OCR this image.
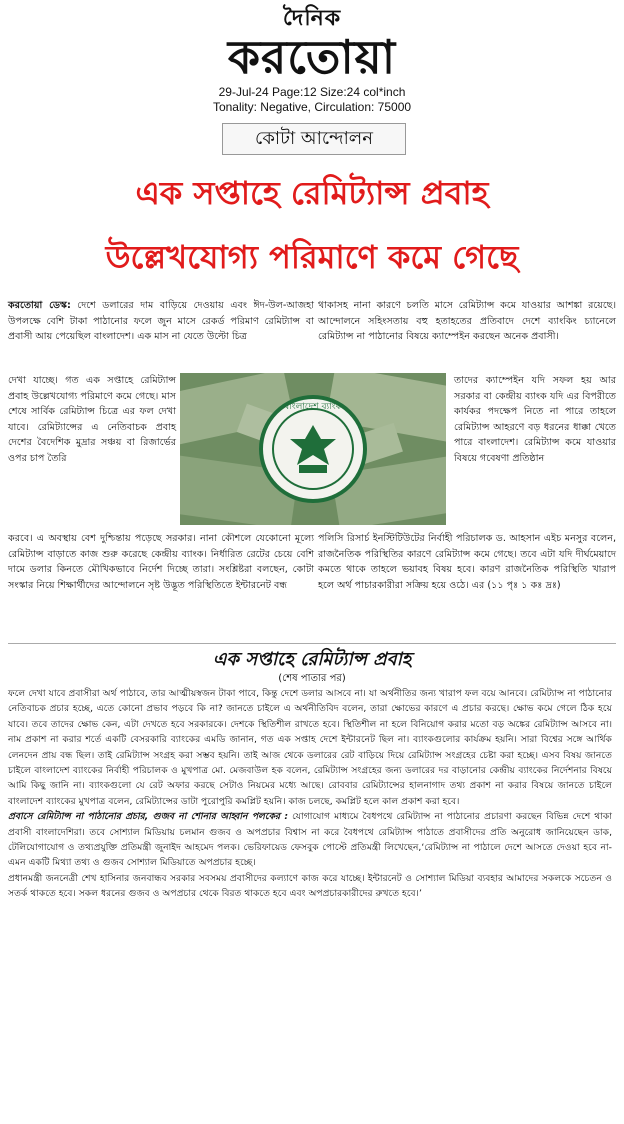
দৈনিক
করতোয়া
29-Jul-24 Page:12 Size:24 col*inch
Tonality: Negative, Circulation: 75000
কোটা আন্দোলন
এক সপ্তাহে রেমিট্যান্স প্রবাহ
উল্লেখযোগ্য পরিমাণে কমে গেছে
করতোয়া ডেস্ক: দেশে ডলারের দাম বাড়িয়ে দেওয়ায় এবং ঈদ-উল-আজহা উপলক্ষে বেশি টাকা পাঠানোর ফলে জুন মাসে রেকর্ড পরিমাণ রেমিট্যান্স বা প্রবাসী আয় পেয়েছিল বাংলাদেশ। এক মাস না যেতে উল্টো চিত্র
থাকাসহ নানা কারণে চলতি মাসে রেমিট্যান্স কমে যাওয়ার আশঙ্কা রয়েছে। আন্দোলনে সহিংসতায় বহু হতাহতের প্রতিবাদে দেশে ব্যাংকিং চ্যানেলে রেমিট্যান্স না পাঠানোর বিষয়ে ক্যাম্পেইন করছেন অনেক প্রবাসী।
দেখা যাচ্ছে। গত এক সপ্তাহে রেমিট্যান্স প্রবাহ উল্লেখযোগ্য পরিমাণে কমে গেছে। মাস শেষে সার্বিক রেমিট্যান্স চিত্রে এর ফল দেখা যাবে। রেমিট্যান্সের এ নেতিবাচক প্রবাহ দেশের বৈদেশিক মুদ্রার সঞ্চয় বা রিজার্ভের ওপর চাপ তৈরি
বাংলাদেশ ব্যাংক
তাদের ক্যাম্পেইন যদি সফল হয় আর সরকার বা কেন্দ্রীয় ব্যাংক যদি এর বিপরীতে কার্যকর পদক্ষেপ নিতে না পারে তাহলে রেমিট্যান্স আহরণে বড় ধরনের ধাক্কা খেতে পারে বাংলাদেশ। রেমিট্যান্স কমে যাওয়ার বিষয়ে গবেষণা প্রতিষ্ঠান
করবে। এ অবস্থায় বেশ দুশ্চিন্তায় পড়েছে সরকার। নানা কৌশলে যেকোনো মূল্যে রেমিট্যান্স বাড়াতে কাজ শুরু করেছে কেন্দ্রীয় ব্যাংক। নির্ধারিত রেটের চেয়ে বেশি দামে ডলার কিনতে মৌখিকভাবে নির্দেশ দিচ্ছে তারা। সংশ্লিষ্টরা বলছেন, কোটা সংস্কার নিয়ে শিক্ষার্থীদের আন্দোলনে সৃষ্ট উদ্ভূত পরিস্থিতিতে ইন্টারনেট বন্ধ
পলিসি রিসার্চ ইনস্টিটিউটের নির্বাহী পরিচালক ড. আহসান এইচ মনসুর বলেন, রাজনৈতিক পরিস্থিতির কারণে রেমিট্যান্স কমে গেছে। তবে এটা যদি দীর্ঘমেয়াদে কমতে থাকে তাহলে ভয়াবহ বিষয় হবে। কারণ রাজনৈতিক পরিস্থিতি খারাপ হলে অর্থ পাচারকারীরা সক্রিয় হয়ে ওঠে। এর (১১ পৃঃ ১ কঃ দ্রঃ)
এক সপ্তাহে রেমিট্যান্স প্রবাহ
(শেষ পাতার পর)

ফলে দেখা যাবে প্রবাসীরা অর্থ পাঠাবে, তার আত্মীয়স্বজন টাকা পাবে, কিন্তু দেশে ডলার আসবে না। যা অর্থনীতির জন্য খারাপ ফল বয়ে আনবে। রেমিট্যান্স না পাঠানোর নেতিবাচক প্রচার হচ্ছে, এতে কোনো প্রভাব পড়বে কি না? জানতে চাইলে এ অর্থনীতিবিদ বলেন, তারা ক্ষোভের কারণে এ প্রচার করছে। ক্ষোভ কমে গেলে ঠিক হয়ে যাবে। তবে তাদের ক্ষোভ কেন, এটা দেখতে হবে সরকারকে। দেশকে স্থিতিশীল রাখতে হবে। স্থিতিশীল না হলে বিনিয়োগ করার মতো বড় অঙ্কের রেমিট্যান্স আসবে না। নাম প্রকাশ না করার শর্তে একটি বেসরকারি ব্যাংকের এমডি জানান, গত এক সপ্তাহ দেশে ইন্টারনেট ছিল না। ব্যাংকগুলোর কার্যক্রম হয়নি। সারা বিশ্বের সঙ্গে আর্থিক লেনদেন প্রায় বন্ধ ছিল। তাই রেমিট্যান্স সংগ্রহ করা সম্ভব হয়নি। তাই আজ থেকে ডলারের রেট বাড়িয়ে দিয়ে রেমিট্যান্স সংগ্রহের চেষ্টা করা হচ্ছে। এসব বিষয় জানতে চাইলে বাংলাদেশ ব্যাংকের নির্বাহী পরিচালক ও মুখপাত্র মো. মেজবাউল হক বলেন, রেমিট্যান্স সংগ্রহের জন্য ডলারের দর বাড়ানোর কেন্দ্রীয় ব্যাংকের নির্দেশনার বিষয়ে আমি কিছু জানি না। ব্যাংকগুলো যে রেট অফার করছে সেটাও নিয়মের মধ্যে আছে। রোববার রেমিট্যান্সের হালনাগাদ তথ্য প্রকাশ না করার বিষয়ে জানতে চাইলে বাংলাদেশ ব্যাংকের মুখপাত্র বলেন, রেমিট্যান্সের ডাটা পুরোপুরি কমপ্লিট হয়নি। কাজ চলছে, কমপ্লিট হলে কাল প্রকাশ করা হবে।

প্রবাসে রেমিট্যান্স না পাঠানোর প্রচার, গুজব না শোনার আহ্বান পলকের : যোগাযোগ মাধ্যমে বৈধপথে রেমিট্যান্স না পাঠানোর প্রচারণা করছেন বিভিন্ন দেশে থাকা প্রবাসী বাংলাদেশিরা। তবে সোশ্যাল মিডিয়ায় চলমান গুজব ও অপপ্রচার বিশ্বাস না করে বৈধপথে রেমিট্যান্স পাঠাতে প্রবাসীদের প্রতি অনুরোধ জানিয়েছেন ডাক, টেলিযোগাযোগ ও তথ্যপ্রযুক্তি প্রতিমন্ত্রী জুনাইদ আহমেদ পলক। ভেরিফায়েড ফেসবুক পোস্টে প্রতিমন্ত্রী লিখেছেন,‘রেমিট্যান্স না পাঠালে দেশে আসতে দেওয়া হবে না- এমন একটি মিথ্যা তথ্য ও গুজব সোশ্যাল মিডিয়াতে অপপ্রচার হচ্ছে।

প্রধানমন্ত্রী জননেত্রী শেখ হাসিনার জনবান্ধব সরকার সবসময় প্রবাসীদের কল্যাণে কাজ করে যাচ্ছে। ইন্টারনেট ও সোশ্যাল মিডিয়া ব্যবহার আমাদের সকলকে সচেতন ও সতর্ক থাকতে হবে। সকল ধরনের গুজব ও অপপ্রচার থেকে বিরত থাকতে হবে এবং অপপ্রচারকারীদের রুখতে হবে।’
